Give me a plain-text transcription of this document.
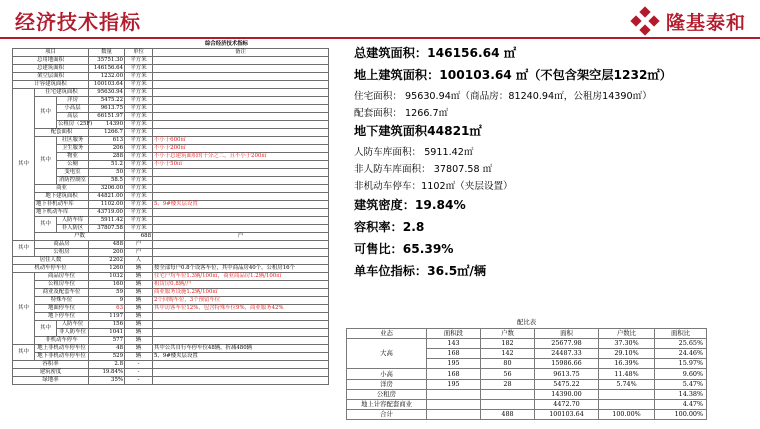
经济技术指标	隆基泰和
				综合经济技术指标		
项目			数量	单位	备注	
总用地面积			35751.30	平方米		
总建筑面积			146156.64	平方米		
架空层面积			1232.00	平方米		
计容建筑面积			100103.64	平方米		
其中	住宅建筑面积		95630.94	平方米		
	其中	洋房	5475.22	平方米		
		小高层	9613.75	平方米		
		高层	66151.97	平方米		
		公租房（25F)	14390	平方米		
	配套面积		1266.7	平方米		
	其中	社区服务	613	平方米	不小于600㎡	
		卫生服务	206	平方米	不小于200㎡	
		物业	288	平方米	不小于总建筑面积的千分之二，且不小于200㎡	
		公厕	51.2	平方米	不小于50㎡	
		变电室	50	平方米		
		消防控制室	58.5	平方米		
	商业		3206.00	平方米		
	地下建筑面积		44821.00	平方米		
	地下非机动车库		1102.00	平方米	5、9#楼夹层设置	
	地下机动车库		43719.00	平方米		
	其中	人防车库	5911.42	平方米		
		非人防区	37807.58	平方米		
	户数			688	户	
其中	商品房		488	户		
	公租房		200	户		
居住人数			2202	人		
机动车停车位			1260	辆	按全部每户0.8个设客车位，其中商品房40个，公租房16个	
其中	商品房车位		1032	辆	住宅户均车位1.3辆/100㎡，商业商品房1.2辆/100㎡	
	公租房车位		160	辆	租赁房0.8辆/户	
	商业及配套车位		59	辆	商业服务设施1.2辆/100㎡	
	特殊车位		9	辆	2个回购车位，3个预留车位	
	地面停车位		63	辆	其中访客车位12%，包含特殊车位9%，商业服务42%	
	地下停车位		1197	辆		
	其中	人防车位	156	辆		
		非人防车位	1041	辆		
	非机动车停车		577	辆		
其中	地上非机动车停车位		48	辆	其中公共自行车停车位48辆，折减480辆	
	地下非机动车停车位		529	辆	5、9#楼夹层设置	
容积率			2.8	-		
建筑密度			19.84%	-		
绿地率			35%	-		
总建筑面积：146156.64 ㎡
地上建筑面积：100103.64 ㎡（不包含架空层1232㎡）
住宅面积： 95630.94㎡（商品房：81240.94㎡，公租房14390㎡）
配套面积： 1266.7㎡
地下建筑面积44821㎡
人防车库面积： 5911.42㎡
非人防车库面积： 37807.58 ㎡
非机动车停车：1102㎡（夹层设置）
建筑密度：19.84%
容积率：2.8
可售比：65.39%
单车位指标：36.5㎡/辆
配比表					
业态	面积段	户数	面积	户数比	面积比
大高	143	182	25677.98	37.30%	25.65%
	168	142	24487.33	29.10%	24.46%
	195	80	15986.66	16.39%	15.97%
小高	168	56	9613.75	11.48%	9.60%
洋房	195	28	5475.22	5.74%	5.47%
公租房			14390.00		14.38%
地上计容配套商业			4472.70		4.47%
合计		488	100103.64	100.00%	100.00%
